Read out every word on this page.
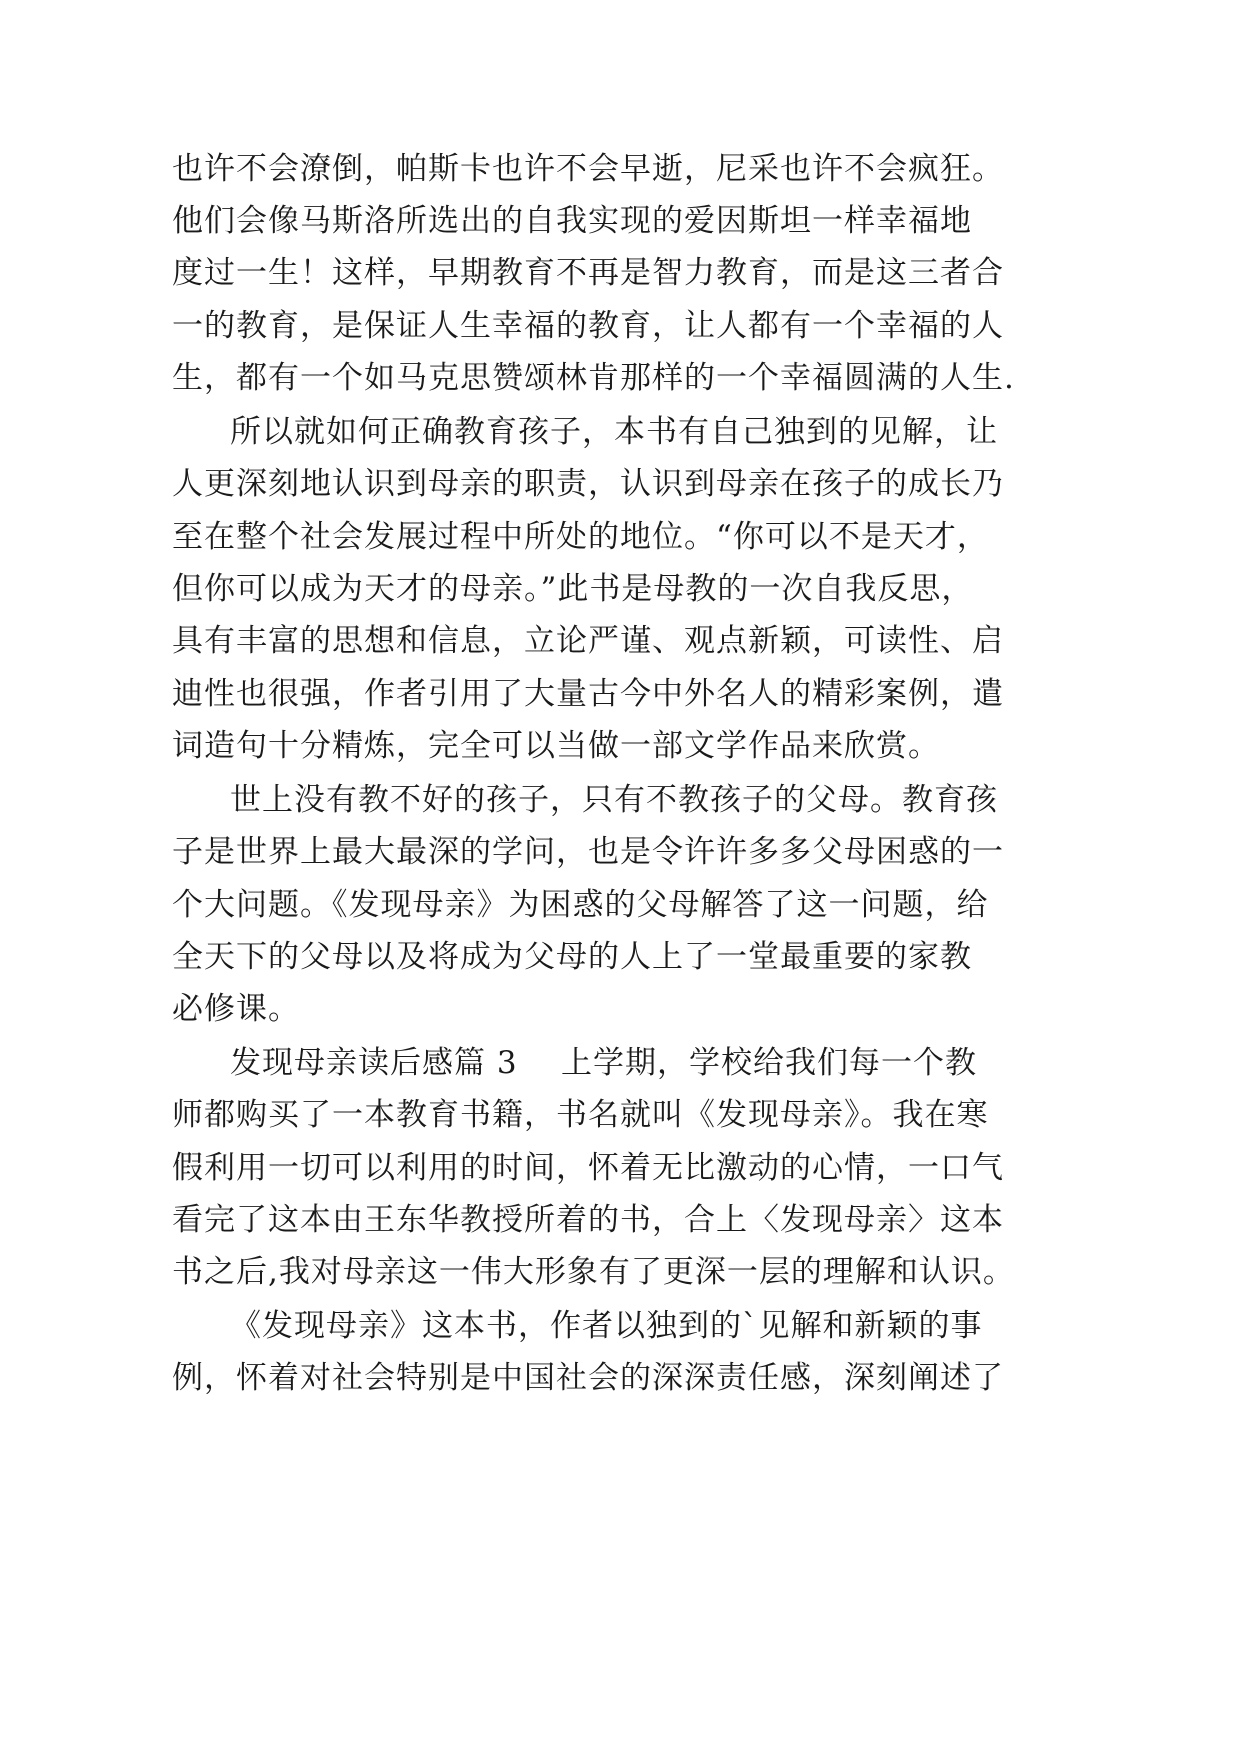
也许不会潦倒，帕斯卡也许不会早逝，尼采也许不会疯狂。
他们会像马斯洛所选出的自我实现的爱因斯坦一样幸福地
度过一生！这样，早期教育不再是智力教育，而是这三者合
一的教育，是保证人生幸福的教育，让人都有一个幸福的人
生，都有一个如马克思赞颂林肯那样的一个幸福圆满的人生.
所以就如何正确教育孩子，本书有自己独到的见解，让
人更深刻地认识到母亲的职责，认识到母亲在孩子的成长乃
至在整个社会发展过程中所处的地位。“你可以不是天才，
但你可以成为天才的母亲。”此书是母教的一次自我反思，
具有丰富的思想和信息，立论严谨、观点新颖，可读性、启
迪性也很强，作者引用了大量古今中外名人的精彩案例，遣
词造句十分精炼，完全可以当做一部文学作品来欣赏。
世上没有教不好的孩子，只有不教孩子的父母。教育孩
子是世界上最大最深的学问，也是令许许多多父母困惑的一
个大问题。《发现母亲》为困惑的父母解答了这一问题，给
全天下的父母以及将成为父母的人上了一堂最重要的家教
必修课。
发现母亲读后感篇 3    上学期，学校给我们每一个教
师都购买了一本教育书籍，书名就叫《发现母亲》。我在寒
假利用一切可以利用的时间，怀着无比激动的心情，一口气
看完了这本由王东华教授所着的书，合上〈发现母亲〉这本
书之后,我对母亲这一伟大形象有了更深一层的理解和认识。
《发现母亲》这本书，作者以独到的`见解和新颖的事
例，怀着对社会特别是中国社会的深深责任感，深刻阐述了
